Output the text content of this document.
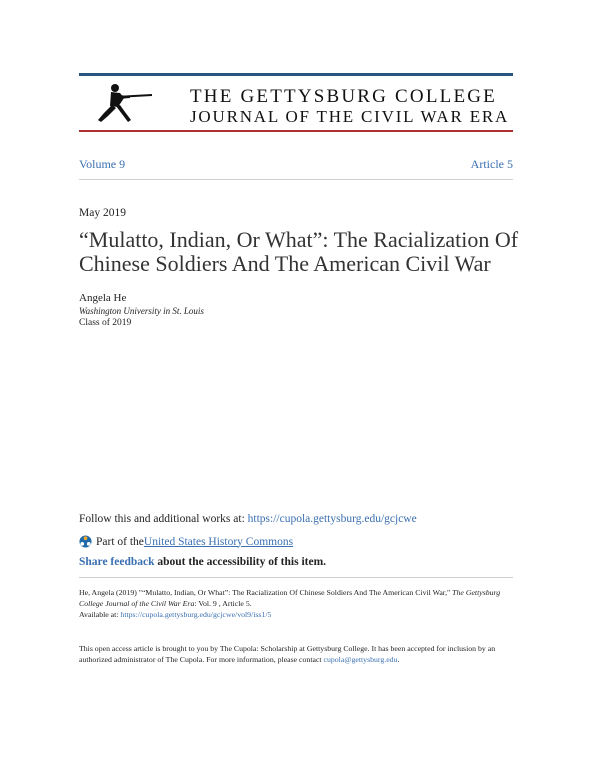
THE GETTYSBURG COLLEGE
JOURNAL OF THE CIVIL WAR ERA
Volume 9	Article 5
May 2019
“Mulatto, Indian, Or What”: The Racialization Of Chinese Soldiers And The American Civil War
Angela He
Washington University in St. Louis
Class of 2019
Follow this and additional works at: https://cupola.gettysburg.edu/gcjcwe
Part of the United States History Commons
Share feedback about the accessibility of this item.
He, Angela (2019) "“Mulatto, Indian, Or What”: The Racialization Of Chinese Soldiers And The American Civil War," The Gettysburg College Journal of the Civil War Era: Vol. 9 , Article 5.
Available at: https://cupola.gettysburg.edu/gcjcwe/vol9/iss1/5
This open access article is brought to you by The Cupola: Scholarship at Gettysburg College. It has been accepted for inclusion by an authorized administrator of The Cupola. For more information, please contact cupola@gettysburg.edu.
